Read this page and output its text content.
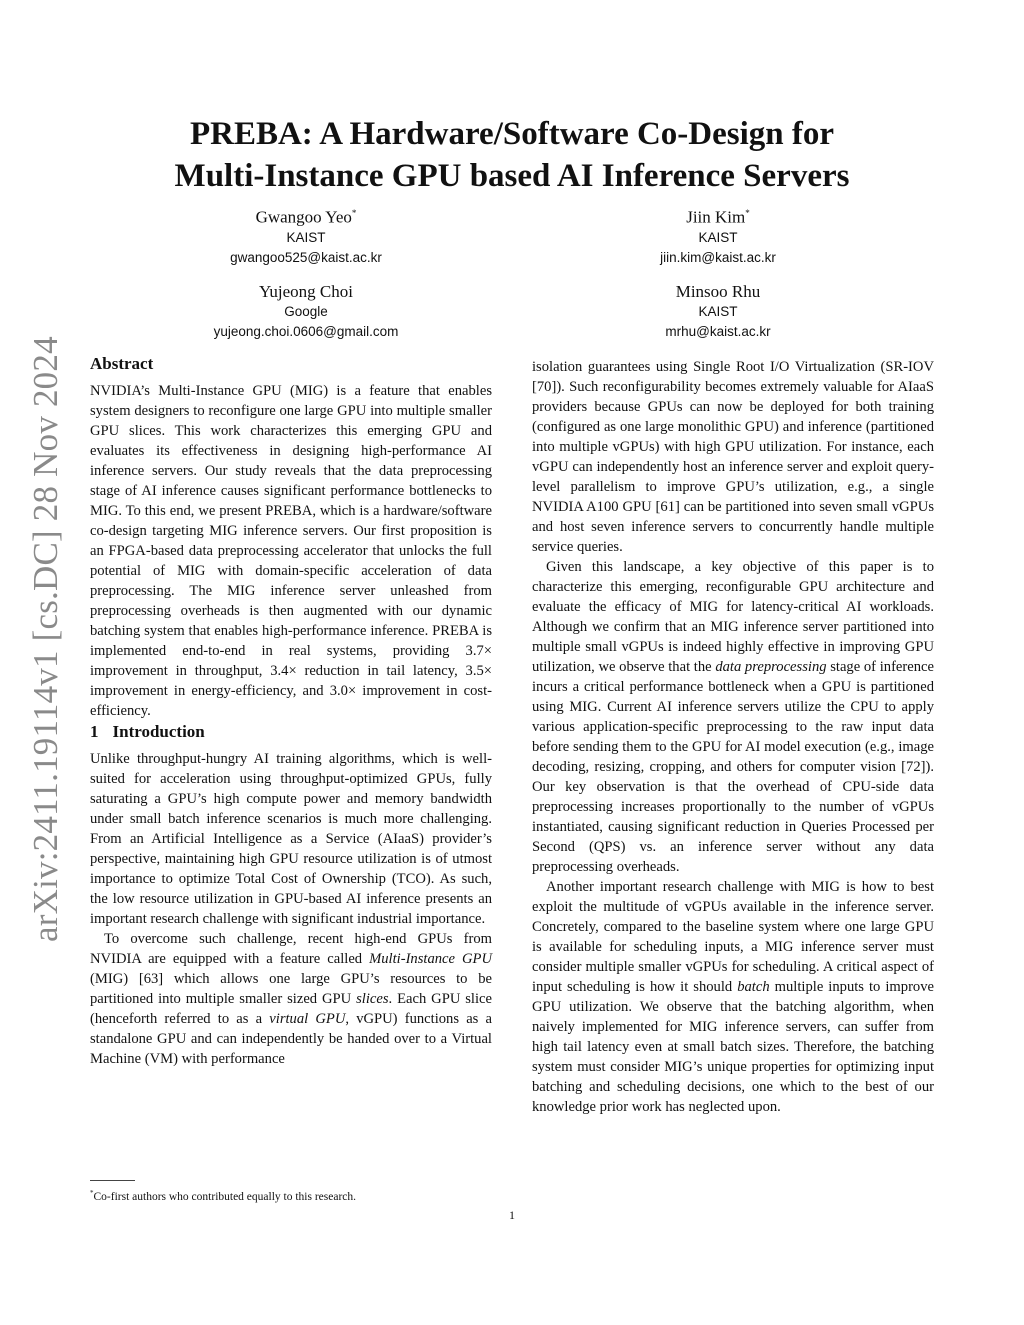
arXiv:2411.19114v1 [cs.DC] 28 Nov 2024
PREBA: A Hardware/Software Co-Design for
Multi-Instance GPU based AI Inference Servers
Gwangoo Yeo*
KAIST
gwangoo525@kaist.ac.kr
Jiin Kim*
KAIST
jiin.kim@kaist.ac.kr
Yujeong Choi
Google
yujeong.choi.0606@gmail.com
Minsoo Rhu
KAIST
mrhu@kaist.ac.kr
Abstract

NVIDIA’s Multi-Instance GPU (MIG) is a feature that enables system designers to reconfigure one large GPU into multiple smaller GPU slices. This work characterizes this emerging GPU and evaluates its effectiveness in designing high-performance AI inference servers. Our study reveals that the data preprocessing stage of AI inference causes significant performance bottlenecks to MIG. To this end, we present PREBA, which is a hardware/software co-design targeting MIG inference servers. Our first proposition is an FPGA-based data preprocessing accelerator that unlocks the full potential of MIG with domain-specific acceleration of data preprocessing. The MIG inference server unleashed from preprocessing overheads is then augmented with our dynamic batching system that enables high-performance inference. PREBA is implemented end-to-end in real systems, providing 3.7× improvement in throughput, 3.4× reduction in tail latency, 3.5× improvement in energy-efficiency, and 3.0× improvement in cost-efficiency.

1 Introduction

Unlike throughput-hungry AI training algorithms, which is well-suited for acceleration using throughput-optimized GPUs, fully saturating a GPU’s high compute power and memory bandwidth under small batch inference scenarios is much more challenging. From an Artificial Intelligence as a Service (AIaaS) provider’s perspective, maintaining high GPU resource utilization is of utmost importance to optimize Total Cost of Ownership (TCO). As such, the low resource utilization in GPU-based AI inference presents an important research challenge with significant industrial importance.

To overcome such challenge, recent high-end GPUs from NVIDIA are equipped with a feature called Multi-Instance GPU (MIG) [63] which allows one large GPU’s resources to be partitioned into multiple smaller sized GPU slices. Each GPU slice (henceforth referred to as a virtual GPU, vGPU) functions as a standalone GPU and can independently be handed over to a Virtual Machine (VM) with performance

isolation guarantees using Single Root I/O Virtualization (SR-IOV [70]). Such reconfigurability becomes extremely valuable for AIaaS providers because GPUs can now be deployed for both training (configured as one large monolithic GPU) and inference (partitioned into multiple vGPUs) with high GPU utilization. For instance, each vGPU can independently host an inference server and exploit query-level parallelism to improve GPU’s utilization, e.g., a single NVIDIA A100 GPU [61] can be partitioned into seven small vGPUs and host seven inference servers to concurrently handle multiple service queries.

Given this landscape, a key objective of this paper is to characterize this emerging, reconfigurable GPU architecture and evaluate the efficacy of MIG for latency-critical AI workloads. Although we confirm that an MIG inference server partitioned into multiple small vGPUs is indeed highly effective in improving GPU utilization, we observe that the data preprocessing stage of inference incurs a critical performance bottleneck when a GPU is partitioned using MIG. Current AI inference servers utilize the CPU to apply various application-specific preprocessing to the raw input data before sending them to the GPU for AI model execution (e.g., image decoding, resizing, cropping, and others for computer vision [72]). Our key observation is that the overhead of CPU-side data preprocessing increases proportionally to the number of vGPUs instantiated, causing significant reduction in Queries Processed per Second (QPS) vs. an inference server without any data preprocessing overheads.

Another important research challenge with MIG is how to best exploit the multitude of vGPUs available in the inference server. Concretely, compared to the baseline system where one large GPU is available for scheduling inputs, a MIG inference server must consider multiple smaller vGPUs for scheduling. A critical aspect of input scheduling is how it should batch multiple inputs to improve GPU utilization. We observe that the batching algorithm, when naively implemented for MIG inference servers, can suffer from high tail latency even at small batch sizes. Therefore, the batching system must consider MIG’s unique properties for optimizing input batching and scheduling decisions, one which to the best of our knowledge prior work has neglected upon.

*Co-first authors who contributed equally to this research.
1
